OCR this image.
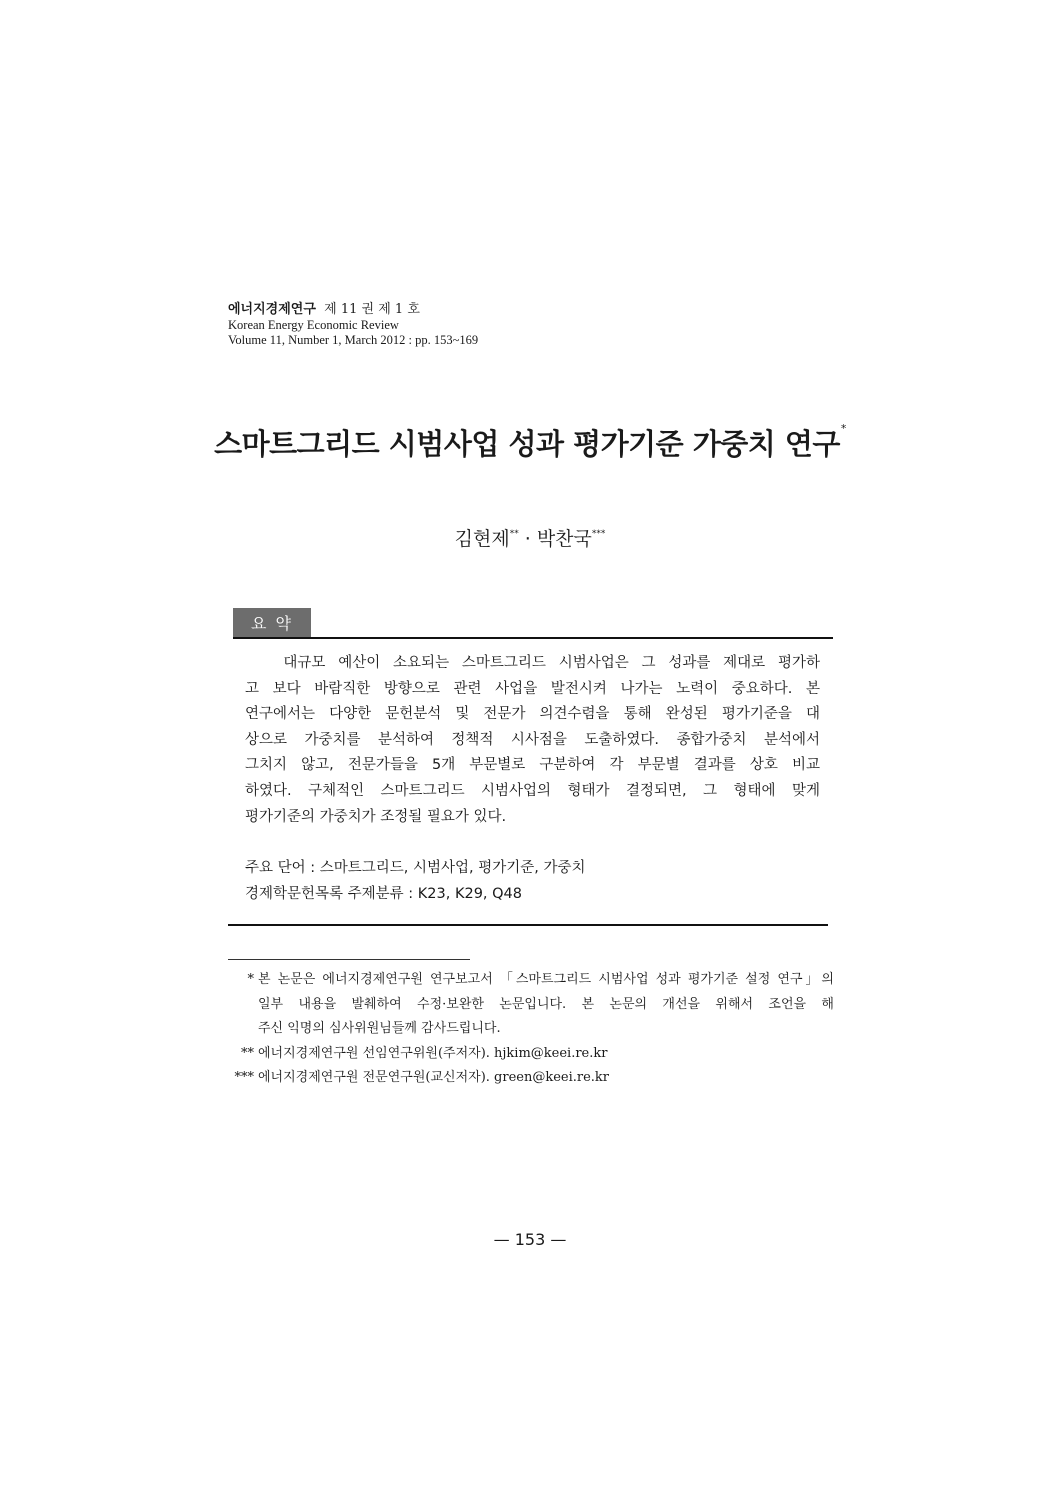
에너지경제연구 제 11 권 제 1 호
Korean Energy Economic Review
Volume 11, Number 1, March 2012 : pp. 153~169
스마트그리드 시범사업 성과 평가기준 가중치 연구*
김현제** · 박찬국***
요 약
대규모 예산이 소요되는 스마트그리드 시범사업은 그 성과를 제대로 평가하
고 보다 바람직한 방향으로 관련 사업을 발전시켜 나가는 노력이 중요하다. 본
연구에서는 다양한 문헌분석 및 전문가 의견수렴을 통해 완성된 평가기준을 대
상으로 가중치를 분석하여 정책적 시사점을 도출하였다. 종합가중치 분석에서
그치지 않고, 전문가들을 5개 부문별로 구분하여 각 부문별 결과를 상호 비교
하였다. 구체적인 스마트그리드 시범사업의 형태가 결정되면, 그 형태에 맞게
평가기준의 가중치가 조정될 필요가 있다.
주요 단어 : 스마트그리드, 시범사업, 평가기준, 가중치
경제학문헌목록 주제분류 : K23, K29, Q48
* 본 논문은 에너지경제연구원 연구보고서 「스마트그리드 시범사업 성과 평가기준 설정 연구」의
일부 내용을 발췌하여 수정·보완한 논문입니다. 본 논문의 개선을 위해서 조언을 해
주신 익명의 심사위원님들께 감사드립니다.
** 에너지경제연구원 선임연구위원(주저자). hjkim@keei.re.kr
*** 에너지경제연구원 전문연구원(교신저자). green@keei.re.kr
— 153 —
